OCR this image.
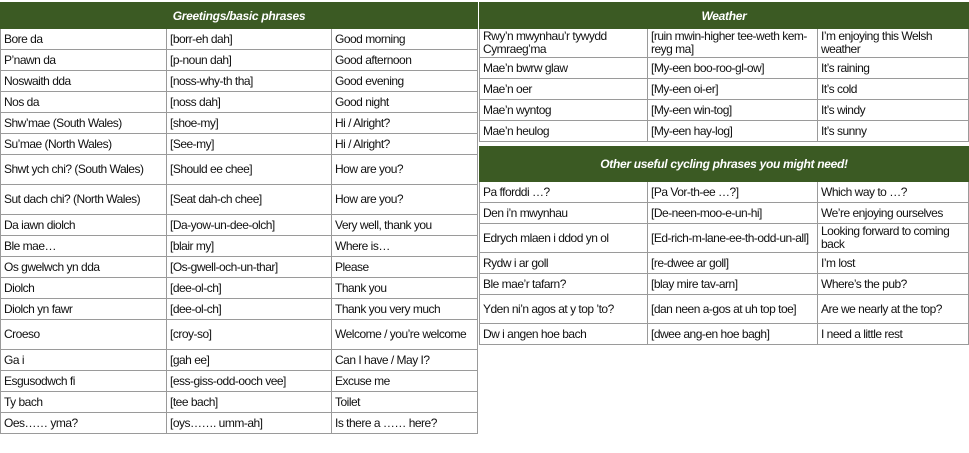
Greetings/basic phrases		
Bore da	[borr-eh dah]	Good morning
P’nawn da	[p-noun dah]	Good afternoon
Noswaith dda	[noss-why-th tha]	Good evening
Nos da	[noss dah]	Good night
Shw’mae (South Wales)	[shoe-my]	Hi / Alright?
Su’mae (North Wales)	[See-my]	Hi / Alright?
Shwt ych chi? (South Wales)	[Should ee chee]	How are you?
Sut dach chi? (North Wales)	[Seat dah-ch chee]	How are you?
Da iawn diolch	[Da-yow-un-dee-olch]	Very well, thank you
Ble mae…	[blair my]	Where is…
Os gwelwch yn dda	[Os-gwell-och-un-thar]	Please
Diolch	[dee-ol-ch]	Thank you
Diolch yn fawr	[dee-ol-ch]	Thank you very much
Croeso	[croy-so]	Welcome / you’re welcome
Ga i	[gah ee]	Can I have / May I?
Esgusodwch fi	[ess-giss-odd-ooch vee]	Excuse me
Ty bach	[tee bach]	Toilet
Oes…… yma?	[oys……. umm-ah]	Is there a …… here?
Weather		
Rwy’n mwynhau’r tywydd Cymraeg’ma	[ruin mwin-higher tee-weth kem-reyg ma]	I’m enjoying this Welsh weather
Mae’n bwrw glaw	[My-een boo-roo-gl-ow]	It’s raining
Mae’n oer	[My-een oi-er]	It’s cold
Mae’n wyntog	[My-een win-tog]	It’s windy
Mae’n heulog	[My-een hay-log]	It’s sunny

Other useful cycling phrases you might need!		
Pa fforddi …?	[Pa Vor-th-ee …?]	Which way to …?
Den i’n mwynhau	[De-neen-moo-e-un-hi]	We’re enjoying ourselves
Edrych mlaen i ddod yn ol	[Ed-rich-m-lane-ee-th-odd-un-all]	Looking forward to coming back
Rydw i ar goll	[re-dwee ar goll]	I’m lost
Ble mae’r tafarn?	[blay mire tav-arn]	Where’s the pub?
Yden ni’n agos at y top ’to?	[dan neen a-gos at uh top toe]	Are we nearly at the top?
Dw i angen hoe bach	[dwee ang-en hoe bagh]	I need a little rest
